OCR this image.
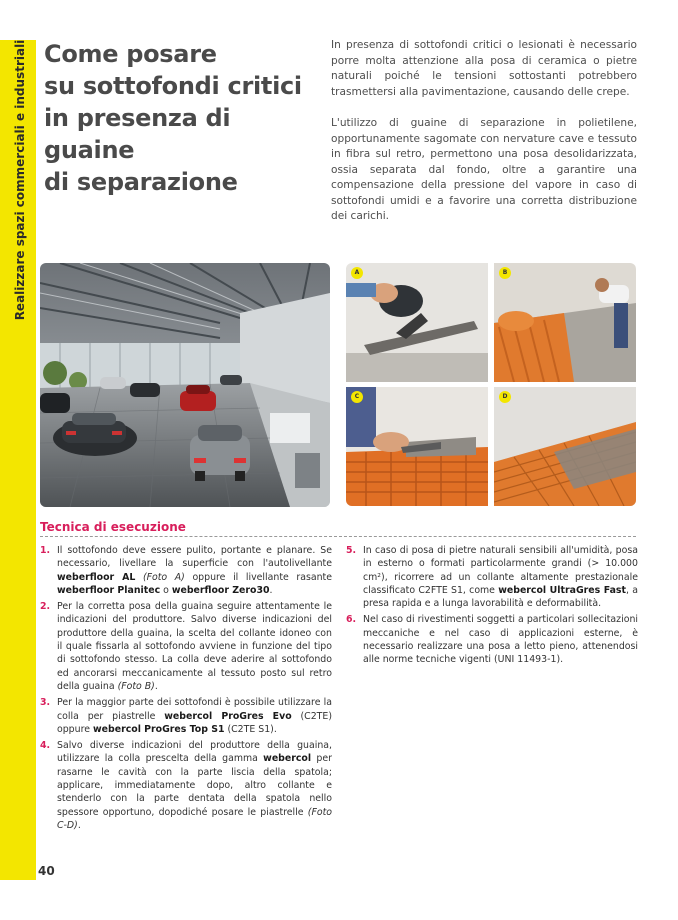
Realizzare spazi commerciali e industriali
40
Come posare
su sottofondi critici
in presenza di guaine
di separazione

In presenza di sottofondi critici o lesionati è necessario porre molta attenzione alla posa di ceramica o pietre naturali poiché le tensioni sottostanti potrebbero trasmettersi alla pavimentazione, causando delle crepe.

L'utilizzo di guaine di separazione in polietilene, opportunamente sagomate con nervature cave e tessuto in fibra sul retro, permettono una posa desolidarizzata, ossia separata dal fondo, oltre a garantire una compensazione della pressione del vapore in caso di sottofondi umidi e a favorire una corretta distribuzione dei carichi.

A	B
C	D
Tecnica di esecuzione
1. Il sottofondo deve essere pulito, portante e planare. Se necessario, livellare la superficie con l'autolivellante weberfloor AL (Foto A) oppure il livellante rasante weberfloor Planitec o weberfloor Zero30.
2. Per la corretta posa della guaina seguire attentamente le indicazioni del produttore. Salvo diverse indicazioni del produttore della guaina, la scelta del collante idoneo con il quale fissarla al sottofondo avviene in funzione del tipo di sottofondo stesso. La colla deve aderire al sottofondo ed ancorarsi meccanicamente al tessuto posto sul retro della guaina (Foto B).
3. Per la maggior parte dei sottofondi è possibile utilizzare la colla per piastrelle webercol ProGres Evo (C2TE) oppure webercol ProGres Top S1 (C2TE S1).
4. Salvo diverse indicazioni del produttore della guaina, utilizzare la colla prescelta della gamma webercol per rasarne le cavità con la parte liscia della spatola; applicare, immediatamente dopo, altro collante e stenderlo con la parte dentata della spatola nello spessore opportuno, dopodiché posare le piastrelle (Foto C-D).
5. In caso di posa di pietre naturali sensibili all'umidità, posa in esterno o formati particolarmente grandi (> 10.000 cm²), ricorrere ad un collante altamente prestazionale classificato C2FTE S1, come webercol UltraGres Fast, a presa rapida e a lunga lavorabilità e deformabilità.
6. Nel caso di rivestimenti soggetti a particolari sollecitazioni meccaniche e nel caso di applicazioni esterne, è necessario realizzare una posa a letto pieno, attenendosi alle norme tecniche vigenti (UNI 11493-1).
